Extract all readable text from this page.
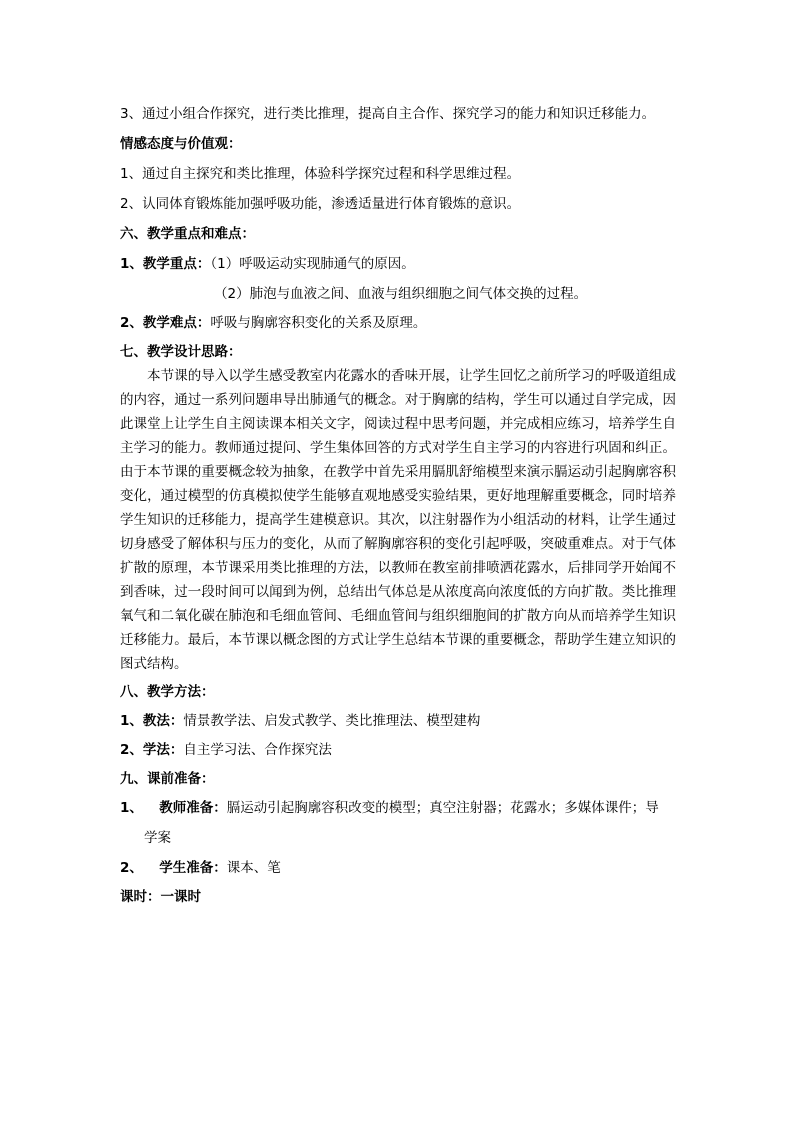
3、通过小组合作探究，进行类比推理，提高自主合作、探究学习的能力和知识迁移能力。
情感态度与价值观：
1、通过自主探究和类比推理，体验科学探究过程和科学思维过程。
2、认同体育锻炼能加强呼吸功能，渗透适量进行体育锻炼的意识。
六、教学重点和难点：
1、教学重点：（1）呼吸运动实现肺通气的原因。
（2）肺泡与血液之间、血液与组织细胞之间气体交换的过程。
2、教学难点：呼吸与胸廓容积变化的关系及原理。
七、教学设计思路：
本节课的导入以学生感受教室内花露水的香味开展，让学生回忆之前所学习的呼吸道组成的内容，通过一系列问题串导出肺通气的概念。对于胸廓的结构，学生可以通过自学完成，因此课堂上让学生自主阅读课本相关文字，阅读过程中思考问题，并完成相应练习，培养学生自主学习的能力。教师通过提问、学生集体回答的方式对学生自主学习的内容进行巩固和纠正。由于本节课的重要概念较为抽象，在教学中首先采用膈肌舒缩模型来演示膈运动引起胸廓容积变化，通过模型的仿真模拟使学生能够直观地感受实验结果，更好地理解重要概念，同时培养学生知识的迁移能力，提高学生建模意识。其次，以注射器作为小组活动的材料，让学生通过切身感受了解体积与压力的变化，从而了解胸廓容积的变化引起呼吸，突破重难点。对于气体扩散的原理，本节课采用类比推理的方法，以教师在教室前排喷洒花露水，后排同学开始闻不到香味，过一段时间可以闻到为例，总结出气体总是从浓度高向浓度低的方向扩散。类比推理氧气和二氧化碳在肺泡和毛细血管间、毛细血管间与组织细胞间的扩散方向从而培养学生知识迁移能力。最后，本节课以概念图的方式让学生总结本节课的重要概念，帮助学生建立知识的图式结构。
八、教学方法：
1、教法：情景教学法、启发式教学、类比推理法、模型建构
2、学法：自主学习法、合作探究法
九、课前准备：
1、 教师准备：膈运动引起胸廓容积改变的模型；真空注射器；花露水；多媒体课件；导
学案
2、 学生准备：课本、笔
课时：一课时
